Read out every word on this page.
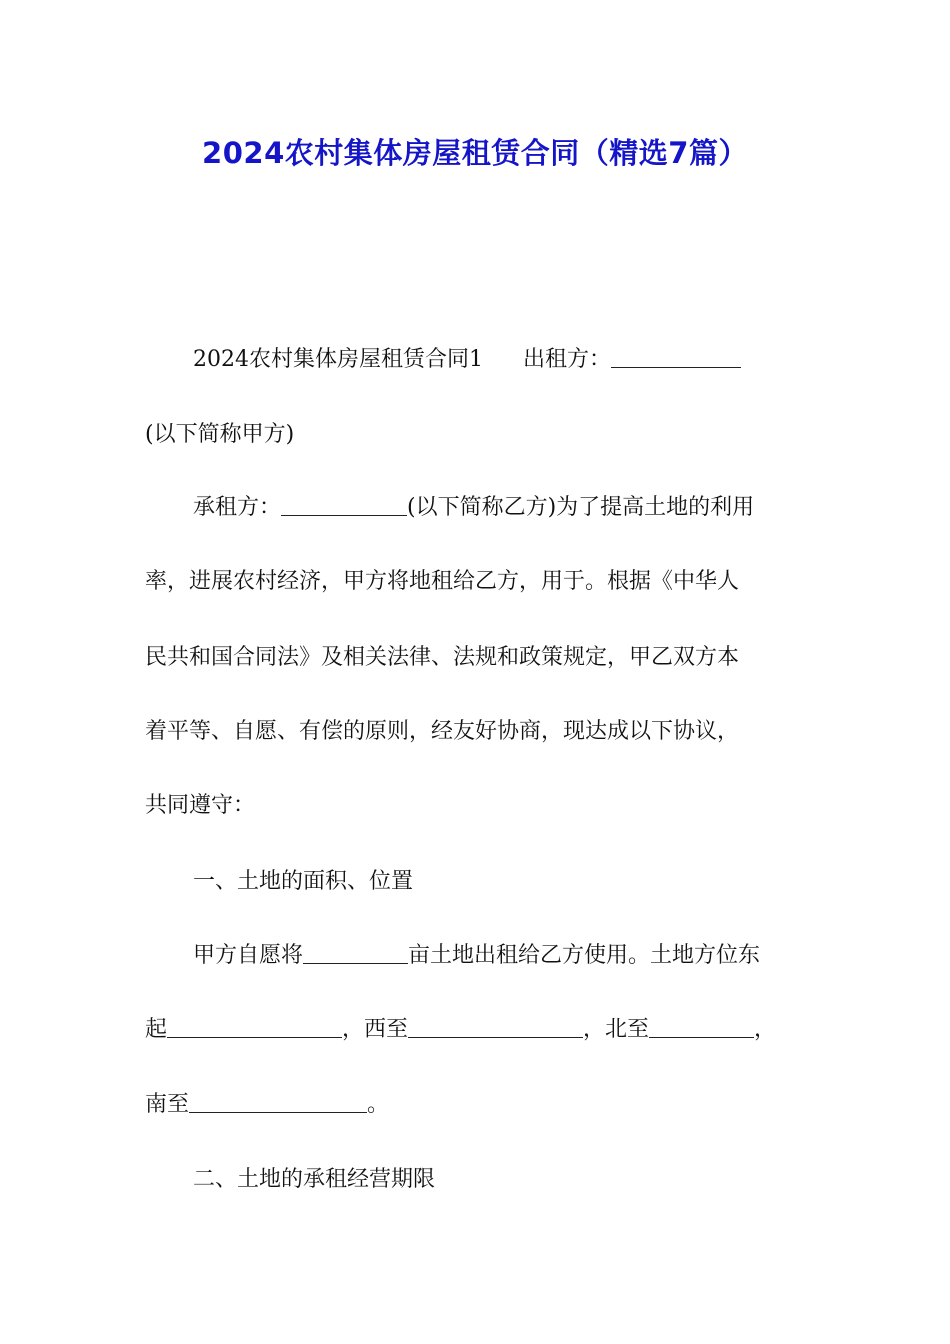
2024农村集体房屋租赁合同（精选7篇）
2024农村集体房屋租赁合同1 出租方：
(以下简称甲方)
承租方：	(以下简称乙方)为了提高土地的利用
率，进展农村经济，甲方将地租给乙方，用于。根据《中华人
民共和国合同法》及相关法律、法规和政策规定，甲乙双方本
着平等、自愿、有偿的原则，经友好协商，现达成以下协议，
共同遵守：
一、土地的面积、位置
甲方自愿将	亩土地出租给乙方使用。土地方位东
起	，西至	，北至	，
南至	。
二、土地的承租经营期限
